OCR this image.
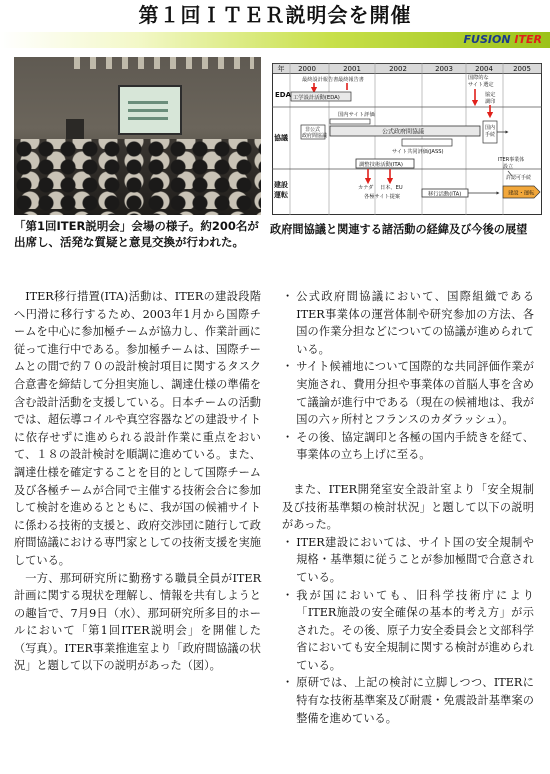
第１回ＩＴＥＲ説明会を開催
FUSION ITER
「第1回ITER説明会」会場の様子。約200名が出席し、活発な質疑と意見交換が行われた。
年 2000	2001	2002	2003	2004	2005
EDA
協議
建設
運転
最終設計報告書 最終報告書
工学設計活動(EDA)
国際的な
サイト選定
協定
調印
国内サイト評価
非公式
政府間協議
公式政府間協議
国内
手続
サイト共同評価(JASS)
調整技術活動(ITA)
カナダ 日本、EU
各極サイト提案
ITER事業体
設立
許認可手続
移行活動(ITA)	建設・運転
政府間協議と関連する諸活動の経緯及び今後の展望

ITER移行措置(ITA)活動は、ITERの建設段階へ円滑に移行するため、2003年1月から国際チームを中心に参加極チームが協力し、作業計画に従って進行中である。参加極チームは、国際チームとの間で約７０の設計検討項目に関するタスク合意書を締結して分担実施し、調達仕様の準備を含む設計活動を支援している。日本チームの活動では、超伝導コイルや真空容器などの建設サイトに依存せずに進められる設計作業に重点をおいて、１８の設計検討を順調に進めている。また、調達仕様を確定することを目的として国際チーム及び各極チームが合同で主催する技術会合に参加して検討を進めるとともに、我が国の候補サイトに係わる技術的支援と、政府交渉団に随行して政府間協議における専門家としての技術支援を実施している。

一方、那珂研究所に勤務する職員全員がITER計画に関する現状を理解し、情報を共有しようとの趣旨で、7月9日（水）、那珂研究所多目的ホールにおいて「第1回ITER説明会」を開催した（写真）。ITER事業推進室より「政府間協議の状況」と題して以下の説明があった（図）。

・ 公式政府間協議において、国際組織であるITER事業体の運営体制や研究参加の方法、各国の作業分担などについての協議が進められている。
・ サイト候補地について国際的な共同評価作業が実施され、費用分担や事業体の首脳人事を含めて議論が進行中である（現在の候補地は、我が国の六ヶ所村とフランスのカダラッシュ）。
・ その後、協定調印と各極の国内手続きを経て、事業体の立ち上げに至る。

また、ITER開発室安全設計室より「安全規制及び技術基準類の検討状況」と題して以下の説明があった。

・ ITER建設においては、サイト国の安全規制や規格・基準類に従うことが参加極間で合意されている。
・ 我が国においても、旧科学技術庁により「ITER施設の安全確保の基本的考え方」が示された。その後、原子力安全委員会と文部科学省においても安全規制に関する検討が進められている。
・ 原研では、上記の検討に立脚しつつ、ITERに特有な技術基準案及び耐震・免震設計基準案の整備を進めている。
